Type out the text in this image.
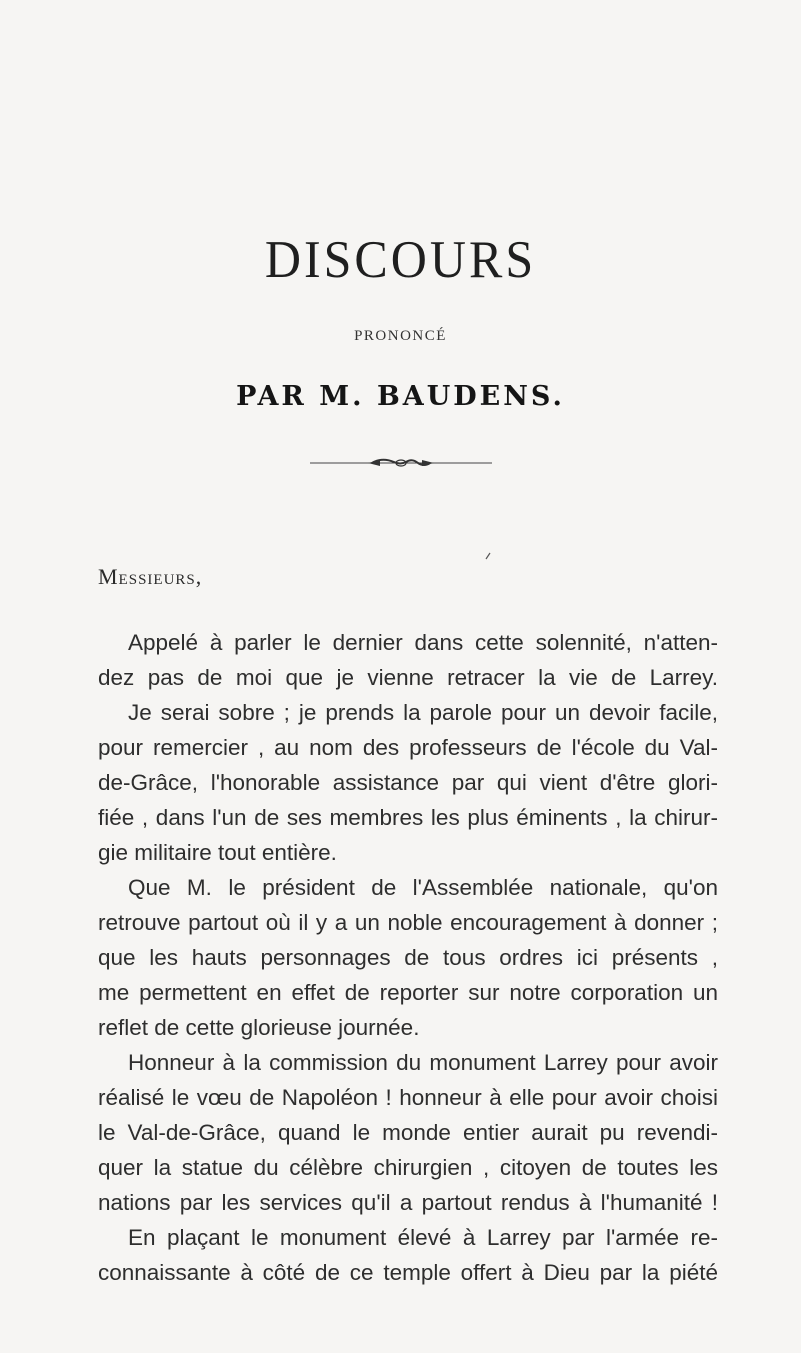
DISCOURS
PRONONCÉ
PAR M. BAUDENS.
Messieurs,
Appelé à parler le dernier dans cette solennité, n'atten-
dez pas de moi que je vienne retracer la vie de Larrey.
Je serai sobre ; je prends la parole pour un devoir facile,
pour remercier , au nom des professeurs de l'école du Val-
de-Grâce, l'honorable assistance par qui vient d'être glori-
fiée , dans l'un de ses membres les plus éminents , la chirur-
gie militaire tout entière.
Que M. le président de l'Assemblée nationale, qu'on
retrouve partout où il y a un noble encouragement à donner ;
que les hauts personnages de tous ordres ici présents ,
me permettent en effet de reporter sur notre corporation un
reflet de cette glorieuse journée.
Honneur à la commission du monument Larrey pour avoir
réalisé le vœu de Napoléon ! honneur à elle pour avoir choisi
le Val-de-Grâce, quand le monde entier aurait pu revendi-
quer la statue du célèbre chirurgien , citoyen de toutes les
nations par les services qu'il a partout rendus à l'humanité !
En plaçant le monument élevé à Larrey par l'armée re-
connaissante à côté de ce temple offert à Dieu par la piété
